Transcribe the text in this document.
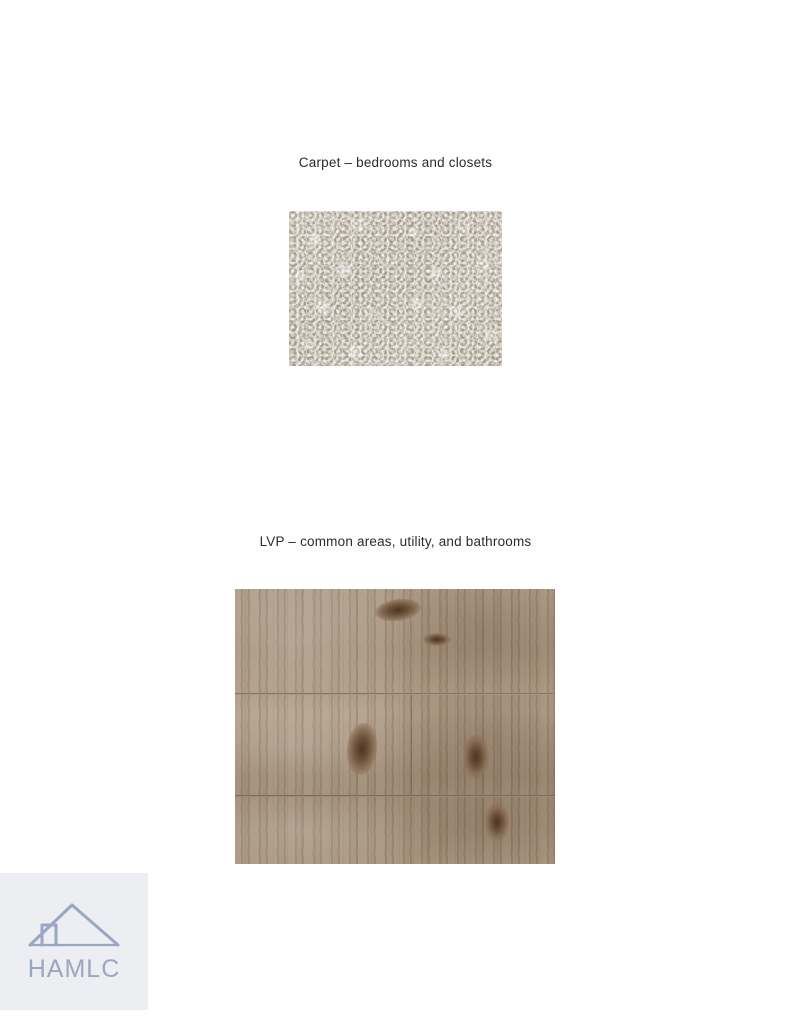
Carpet – bedrooms and closets
LVP – common areas, utility, and bathrooms
HAMLC
